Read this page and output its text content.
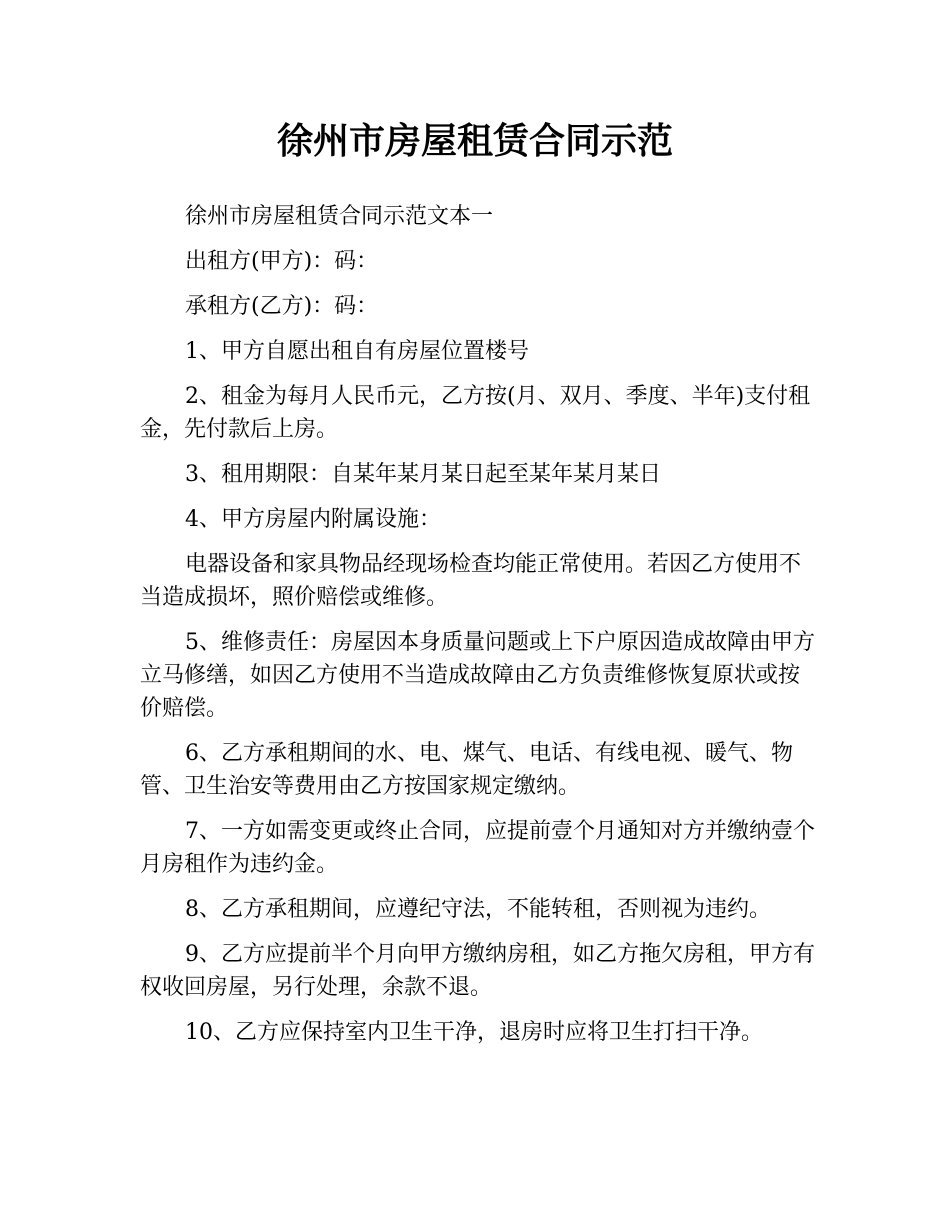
徐州市房屋租赁合同示范

徐州市房屋租赁合同示范文本一

出租方(甲方)：码：

承租方(乙方)：码：

1、甲方自愿出租自有房屋位置楼号

2、租金为每月人民币元，乙方按(月、双月、季度、半年)支付租金，先付款后上房。

3、租用期限：自某年某月某日起至某年某月某日

4、甲方房屋内附属设施：

电器设备和家具物品经现场检查均能正常使用。若因乙方使用不当造成损坏，照价赔偿或维修。

5、维修责任：房屋因本身质量问题或上下户原因造成故障由甲方立马修缮，如因乙方使用不当造成故障由乙方负责维修恢复原状或按价赔偿。

6、乙方承租期间的水、电、煤气、电话、有线电视、暖气、物管、卫生治安等费用由乙方按国家规定缴纳。

7、一方如需变更或终止合同，应提前壹个月通知对方并缴纳壹个月房租作为违约金。

8、乙方承租期间，应遵纪守法，不能转租，否则视为违约。

9、乙方应提前半个月向甲方缴纳房租，如乙方拖欠房租，甲方有权收回房屋，另行处理，余款不退。

10、乙方应保持室内卫生干净，退房时应将卫生打扫干净。
